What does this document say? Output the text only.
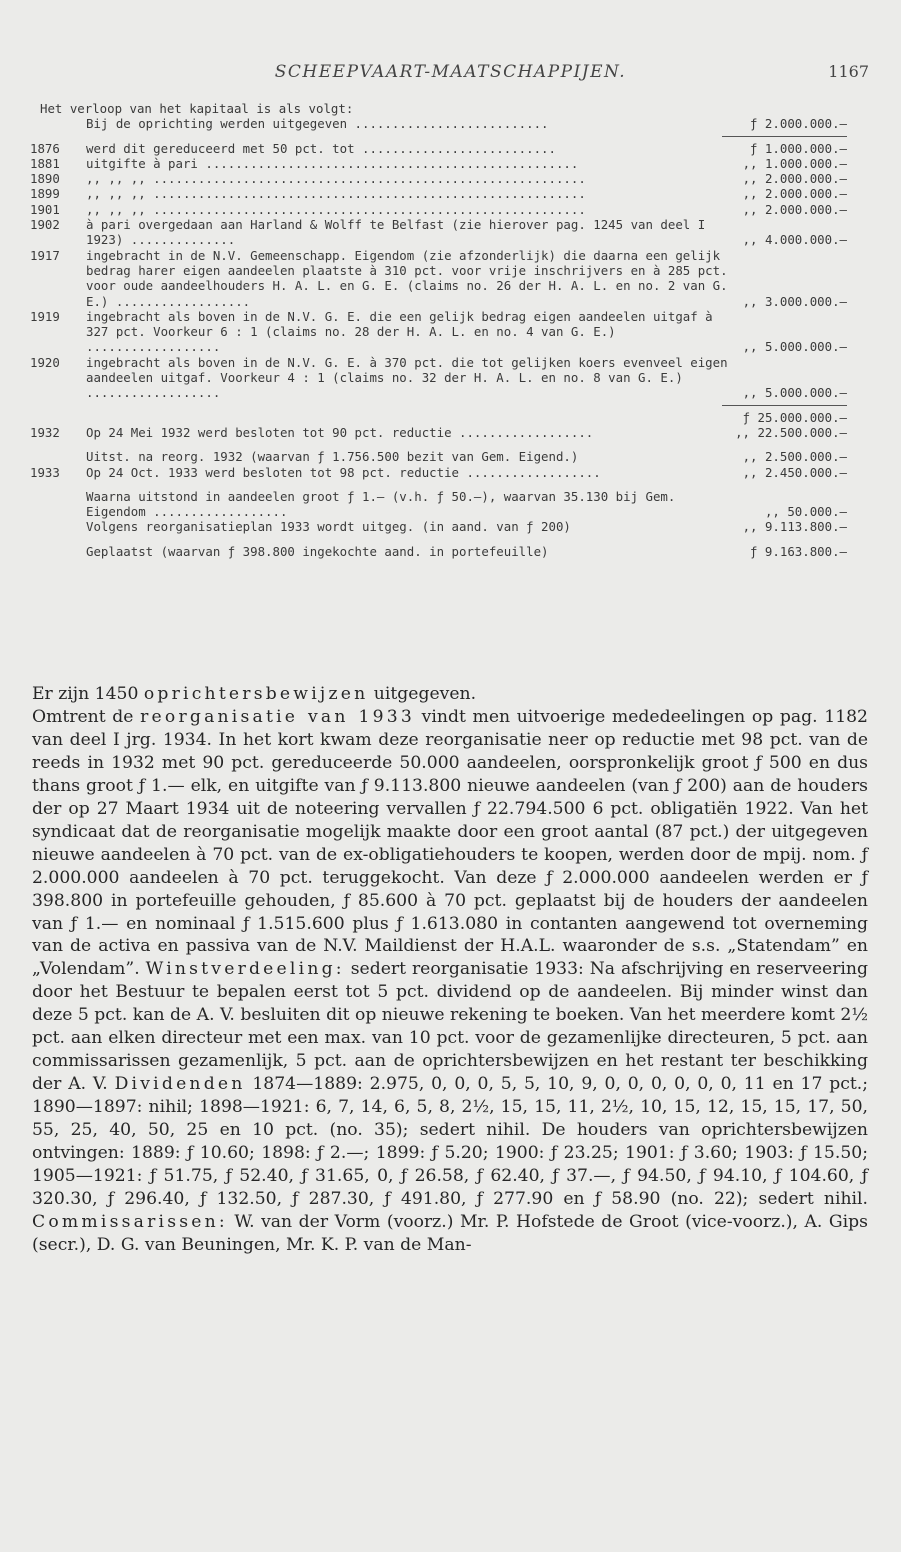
SCHEEPVAART-MAATSCHAPPIJEN.	1167
Het verloop van het kapitaal is als volgt:
Bij de oprichting werden uitgegeven ..........................	ƒ 2.000.000.—
1876	werd dit gereduceerd met 50 pct. tot ..........................	ƒ 1.000.000.—
1881	uitgifte à pari ..................................................	,, 1.000.000.—
1890	,, ,, ,, ..........................................................	,, 2.000.000.—
1899	,, ,, ,, ..........................................................	,, 2.000.000.—
1901	,, ,, ,, ..........................................................	,, 2.000.000.—
1902	à pari overgedaan aan Harland & Wolff te Belfast (zie hierover pag. 1245 van deel I 1923) ..............	,, 4.000.000.—
1917	ingebracht in de N.V. Gemeenschapp. Eigendom (zie afzonderlijk) die daarna een gelijk bedrag harer eigen aandeelen plaatste à 310 pct. voor vrije inschrijvers en à 285 pct. voor oude aandeelhouders H. A. L. en G. E. (claims no. 26 der H. A. L. en no. 2 van G. E.) ..................	,, 3.000.000.—
1919	ingebracht als boven in de N.V. G. E. die een gelijk bedrag eigen aandeelen uitgaf à 327 pct. Voorkeur 6 : 1 (claims no. 28 der H. A. L. en no. 4 van G. E.) ..................	,, 5.000.000.—
1920	ingebracht als boven in de N.V. G. E. à 370 pct. die tot gelijken koers evenveel eigen aandeelen uitgaf. Voorkeur 4 : 1 (claims no. 32 der H. A. L. en no. 8 van G. E.) ..................	,, 5.000.000.—
ƒ 25.000.000.—
1932	Op 24 Mei 1932 werd besloten tot 90 pct. reductie ..................	,, 22.500.000.—
Uitst. na reorg. 1932 (waarvan ƒ 1.756.500 bezit van Gem. Eigend.)	,, 2.500.000.—
1933	Op 24 Oct. 1933 werd besloten tot 98 pct. reductie ..................	,, 2.450.000.—
Waarna uitstond in aandeelen groot ƒ 1.— (v.h. ƒ 50.—), waarvan 35.130 bij Gem. Eigendom ..................	,, 50.000.—
Volgens reorganisatieplan 1933 wordt uitgeg. (in aand. van ƒ 200)	,, 9.113.800.—
Geplaatst (waarvan ƒ 398.800 ingekochte aand. in portefeuille)	ƒ 9.163.800.—

Er zijn 1450 oprichtersbewijzen uitgegeven.

Omtrent de reorganisatie van 1933 vindt men uitvoerige mededeelingen op pag. 1182 van deel I jrg. 1934. In het kort kwam deze reorganisatie neer op reductie met 98 pct. van de reeds in 1932 met 90 pct. gereduceerde 50.000 aandeelen, oorspronkelijk groot ƒ 500 en dus thans groot ƒ 1.— elk, en uitgifte van ƒ 9.113.800 nieuwe aandeelen (van ƒ 200) aan de houders der op 27 Maart 1934 uit de noteering vervallen ƒ 22.794.500 6 pct. obligatiën 1922. Van het syndicaat dat de reorganisatie mogelijk maakte door een groot aantal (87 pct.) der uitgegeven nieuwe aandeelen à 70 pct. van de ex-obligatiehouders te koopen, werden door de mpij. nom. ƒ 2.000.000 aandeelen à 70 pct. teruggekocht. Van deze ƒ 2.000.000 aandeelen werden er ƒ 398.800 in portefeuille gehouden, ƒ 85.600 à 70 pct. geplaatst bij de houders der aandeelen van ƒ 1.— en nominaal ƒ 1.515.600 plus ƒ 1.613.080 in contanten aangewend tot overneming van de activa en passiva van de N.V. Maildienst der H.A.L. waaronder de s.s. „Statendam” en „Volendam”. Winstverdeeling: sedert reorganisatie 1933: Na afschrijving en reserveering door het Bestuur te bepalen eerst tot 5 pct. dividend op de aandeelen. Bij minder winst dan deze 5 pct. kan de A. V. besluiten dit op nieuwe rekening te boeken. Van het meerdere komt 2½ pct. aan elken directeur met een max. van 10 pct. voor de gezamenlijke directeuren, 5 pct. aan commissarissen gezamenlijk, 5 pct. aan de oprichtersbewijzen en het restant ter beschikking der A. V. Dividenden 1874—1889: 2.975, 0, 0, 0, 5, 5, 10, 9, 0, 0, 0, 0, 0, 0, 11 en 17 pct.; 1890—1897: nihil; 1898—1921: 6, 7, 14, 6, 5, 8, 2½, 15, 15, 11, 2½, 10, 15, 12, 15, 15, 17, 50, 55, 25, 40, 50, 25 en 10 pct. (no. 35); sedert nihil. De houders van oprichtersbewijzen ontvingen: 1889: ƒ 10.60; 1898: ƒ 2.—; 1899: ƒ 5.20; 1900: ƒ 23.25; 1901: ƒ 3.60; 1903: ƒ 15.50; 1905—1921: ƒ 51.75, ƒ 52.40, ƒ 31.65, 0, ƒ 26.58, ƒ 62.40, ƒ 37.—, ƒ 94.50, ƒ 94.10, ƒ 104.60, ƒ 320.30, ƒ 296.40, ƒ 132.50, ƒ 287.30, ƒ 491.80, ƒ 277.90 en ƒ 58.90 (no. 22); sedert nihil. Commissarissen: W. van der Vorm (voorz.) Mr. P. Hofstede de Groot (vice-voorz.), A. Gips (secr.), D. G. van Beuningen, Mr. K. P. van de Man-
